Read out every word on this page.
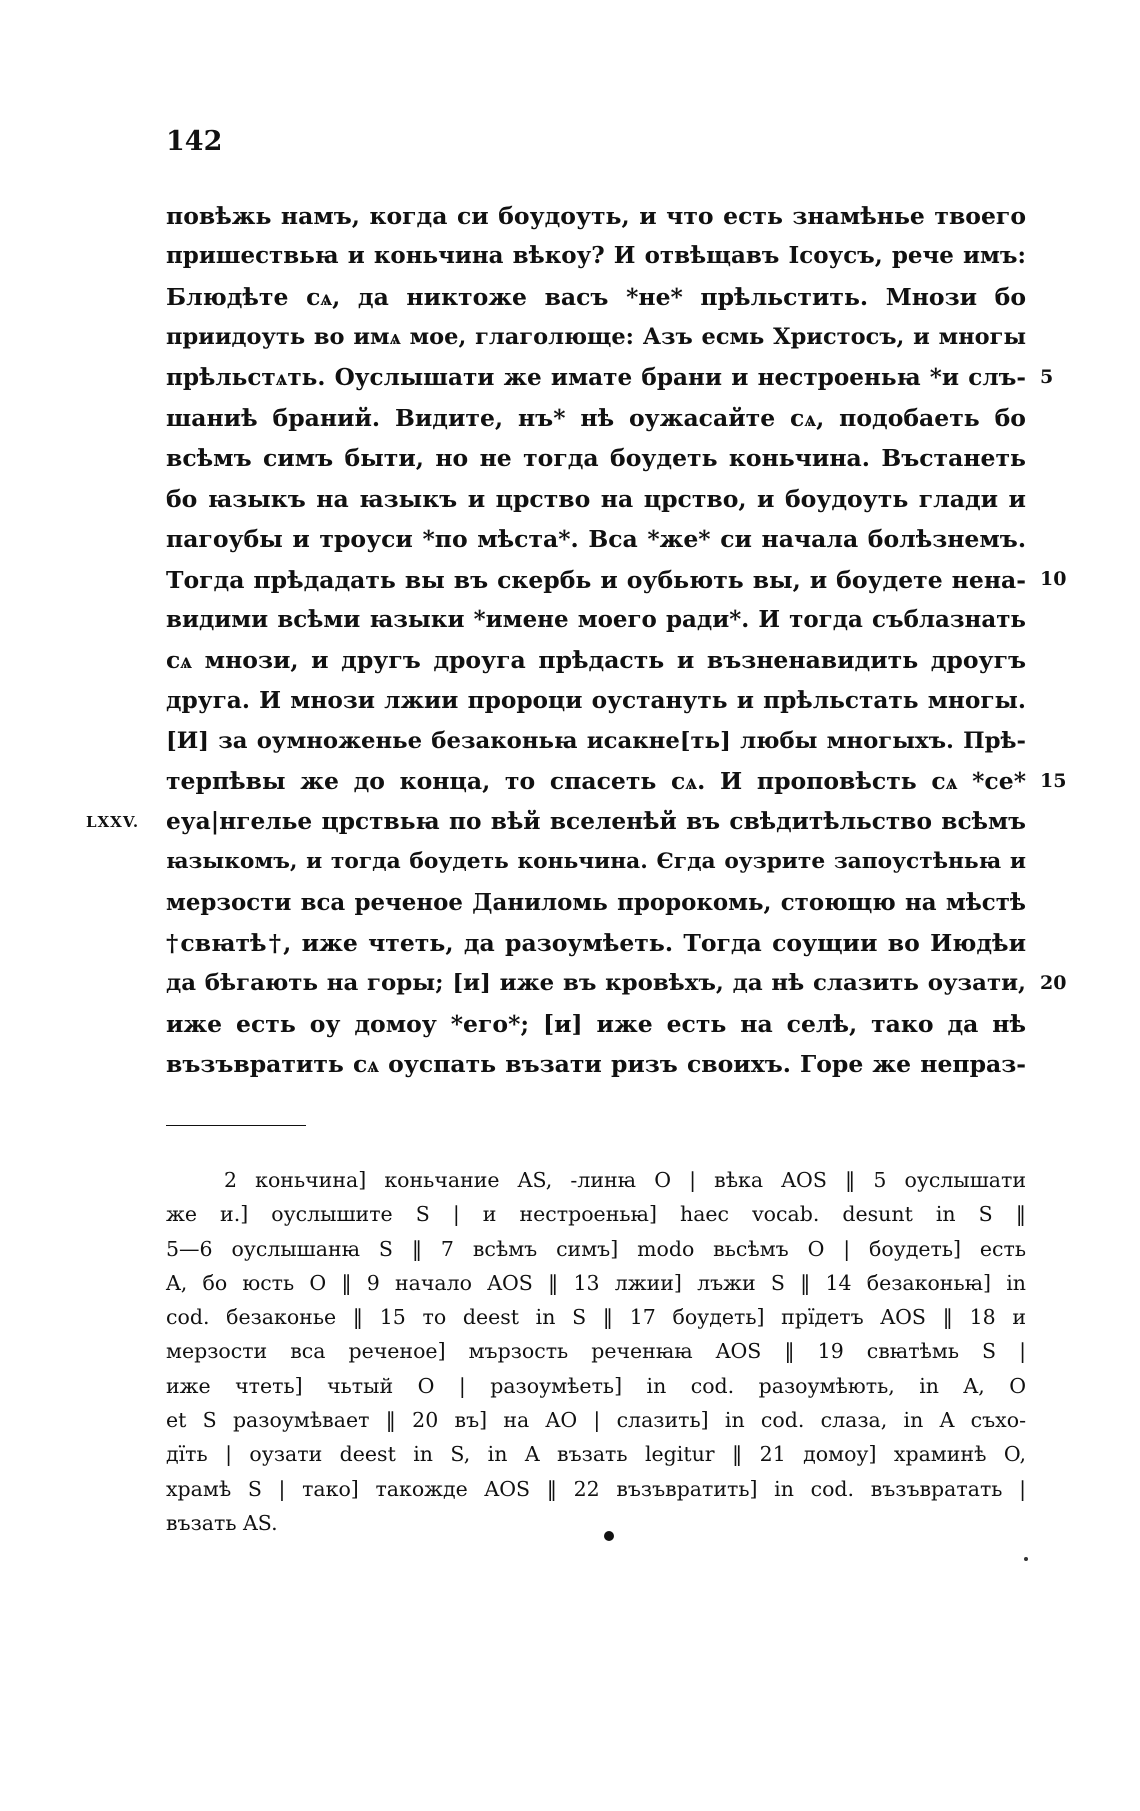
142
повѣжь намъ, когда си боудоуть, и что есть знамѣнье твоего
пришествьꙗ и коньчина вѣкоу? И отвѣщавъ Ісоусъ, рече имъ:
Блюдѣте сѧ, да никтоже васъ *не* прѣльстить. Мнози бо
приидоуть во имѧ мое, глаголюще: Азъ есмь Христосъ, и многы
прѣльстѧть. Оуслышати же имате брани и нестроеньꙗ *и слъ-
шаниѣ браний. Видите, нъ* нѣ оужасайте сѧ, подобаеть бо
всѣмъ симъ быти, но не тогда боудеть коньчина. Въстанеть
бо ꙗзыкъ на ꙗзыкъ и црство на црство, и боудоуть глади и
пагоубы и троуси *по мѣста*. Вса *же* си начала болѣзнемъ.
Тогда прѣдадать вы въ скербь и оубьють вы, и боудете нена-
видими всѣми ꙗзыки *имене моего ради*. И тогда съблазнать
сѧ мнози, и другъ дроуга прѣдасть и възненавидить дроугъ
друга. И мнози лжии пророци оустануть и прѣльстать многы.
[И] за оумноженье безаконьꙗ исакне[ть] любы многыхъ. Прѣ-
терпѣвы же до конца, то спасеть сѧ. И проповѣсть сѧ *се*
еуа|нгелье црствьꙗ по вѣй вселенѣй въ свѣдитѣльство всѣмъ
ꙗзыкомъ, и тогда боудеть коньчина. Єгда оузрите запоустѣньꙗ и
мерзости вса реченое Даниломь пророкомь, стоющю на мѣстѣ
†свꙗтѣ†, иже чтеть, да разоумѣеть. Тогда соущии во Июдѣи
да бѣгають на горы; [и] иже въ кровѣхъ, да нѣ слазить оузати,
иже есть оу домоу *его*; [и] иже есть на селѣ, тако да нѣ
възъвратить сѧ оуспать възати ризъ своихъ. Горе же непраз-
5
10
15
20
LXXV.
2 коньчина] коньчание AS, -линꙗ O | вѣка AOS ‖ 5 оуслышати
же и.] оуслышите S | и нестроеньꙗ] haec vocab. desunt in S ‖
5—6 оуслышанꙗ S ‖ 7 всѣмъ симъ] modo вьсѣмъ O | боудеть] есть
A, бо юсть O ‖ 9 начало AOS ‖ 13 лжии] лъжи S ‖ 14 безаконьꙗ] in
cod. безаконье ‖ 15 то deest in S ‖ 17 боудеть] прїдетъ AOS ‖ 18 и
мерзости вса реченое] мързость реченꙗꙗ AOS ‖ 19 свꙗтѣмь S |
иже чтеть] чьтый O | разоумѣеть] in cod. разоумѣють, in A, O
et S разоумѣвает ‖ 20 въ] на AO | слазить] in cod. слаза, in A съхо-
дїть | оузати deest in S, in A възать legitur ‖ 21 домоу] храминѣ O,
храмѣ S | тако] такожде AOS ‖ 22 възъвратить] in cod. възъвратать |
възать AS.
